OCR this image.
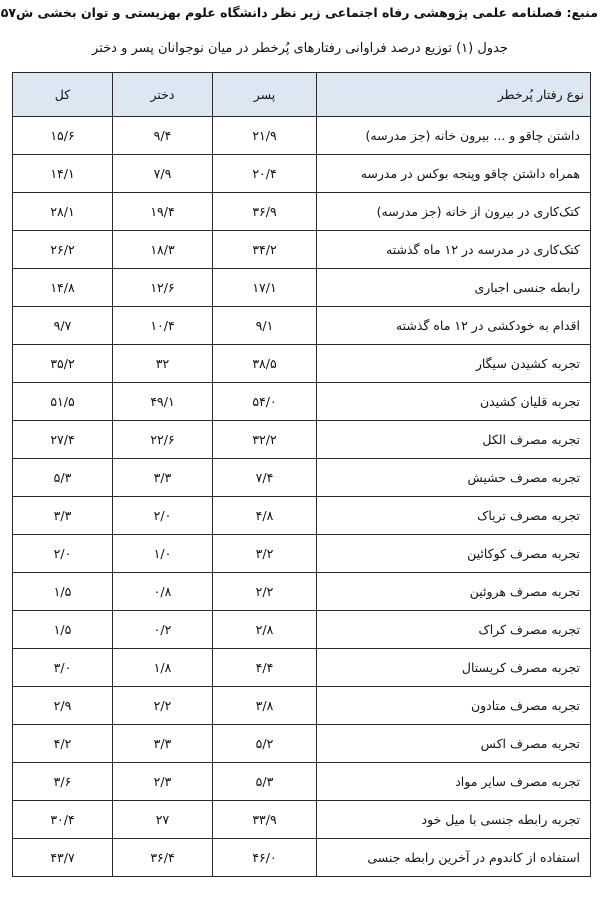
منبع: فصلنامه علمی پژوهشی رفاه اجتماعی زیر نظر دانشگاه علوم بهزیستی و توان بخشی ش۵۷
جدول (۱) توزیع درصد فراوانی رفتارهای پُرخطر در میان نوجوانان پسر و دختر
نوع رفتار پُرخطر	پسر	دختر	کل
داشتن چاقو و ... بیرون خانه (جز مدرسه)	۲۱/۹	۹/۴	۱۵/۶
همراه داشتن چاقو وپنجه بوکس در مدرسه	۲۰/۴	۷/۹	۱۴/۱
کتک‌کاری در بیرون از خانه (جز مدرسه)	۳۶/۹	۱۹/۴	۲۸/۱
کتک‌کاری در مدرسه در ۱۲ ماه گذشته	۳۴/۲	۱۸/۳	۲۶/۲
رابطه جنسی اجباری	۱۷/۱	۱۲/۶	۱۴/۸
اقدام به خودکشی در ۱۲ ماه گذشته	۹/۱	۱۰/۴	۹/۷
تجربه کشیدن سیگار	۳۸/۵	۳۲	۳۵/۲
تجربه قلیان کشیدن	۵۴/۰	۴۹/۱	۵۱/۵
تجربه مصرف الکل	۳۲/۲	۲۲/۶	۲۷/۴
تجربه مصرف حشیش	۷/۴	۳/۳	۵/۳
تجربه مصرف تریاک	۴/۸	۲/۰	۳/۳
تجربه مصرف کوکائین	۳/۲	۱/۰	۲/۰
تجربه مصرف هروئین	۲/۲	۰/۸	۱/۵
تجربه مصرف کراک	۲/۸	۰/۲	۱/۵
تجربه مصرف کریستال	۴/۴	۱/۸	۳/۰
تجربه مصرف متادون	۳/۸	۲/۲	۲/۹
تجربه مصرف اکس	۵/۲	۳/۳	۴/۲
تجربه مصرف سایر مواد	۵/۳	۲/۳	۳/۶
تجربه رابطه جنسی با میل خود	۳۳/۹	۲۷	۳۰/۴
استفاده از کاندوم در آخرین رابطه جنسی	۴۶/۰	۳۶/۴	۴۳/۷
